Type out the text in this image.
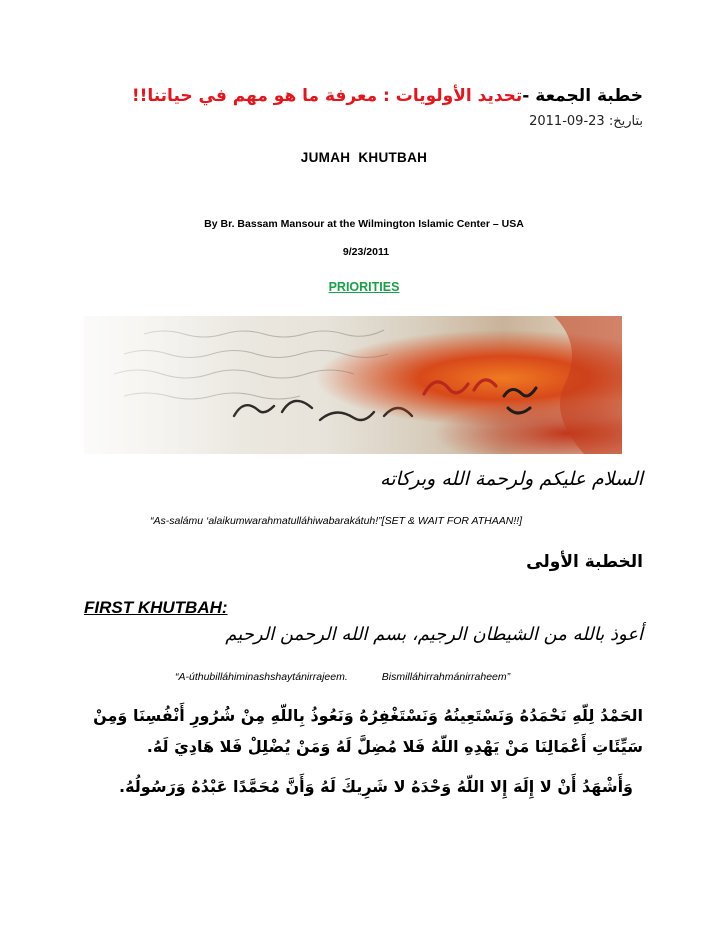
خطبة الجمعة -تحديد الأولويات : معرفة ما هو مهم في حياتنا!!
بتاريخ: 23-09-2011
JUMAH KHUTBAH
By Br. Bassam Mansour at the Wilmington Islamic Center – USA
9/23/2011
PRIORITIES
السلام عليكم ولرحمة الله وبركاته
“As-salámu ‘alaikumwarahmatulláhiwabarakátuh!”[SET & WAIT FOR ATHAAN!!]
الخطبة الأولى
FIRST KHUTBAH:
أعوذ بالله من الشيطان الرجيم، بسم الله الرحمن الرحيم
“A-úthubilláhiminashshaytánirrajeem.	Bismilláhirrahmánirraheem”
الحَمْدُ لِلّهِ نَحْمَدُهُ وَنَسْتَعِينُهُ وَنَسْتَغْفِرُهُ وَنَعُوذُ بِاللّهِ مِنْ شُرُورِ أَنْفُسِنَا وَمِنْ
سَيِّئَاتِ أَعْمَالِنَا مَنْ يَهْدِهِ اللّهُ فَلا مُضِلَّ لَهُ وَمَنْ يُضْلِلْ فَلا هَادِيَ لَهُ.
وَأَشْهَدُ أَنْ لا إِلَهَ إِلا اللّهُ وَحْدَهُ لا شَرِيكَ لَهُ وَأَنَّ مُحَمَّدًا عَبْدُهُ وَرَسُولُهُ.
